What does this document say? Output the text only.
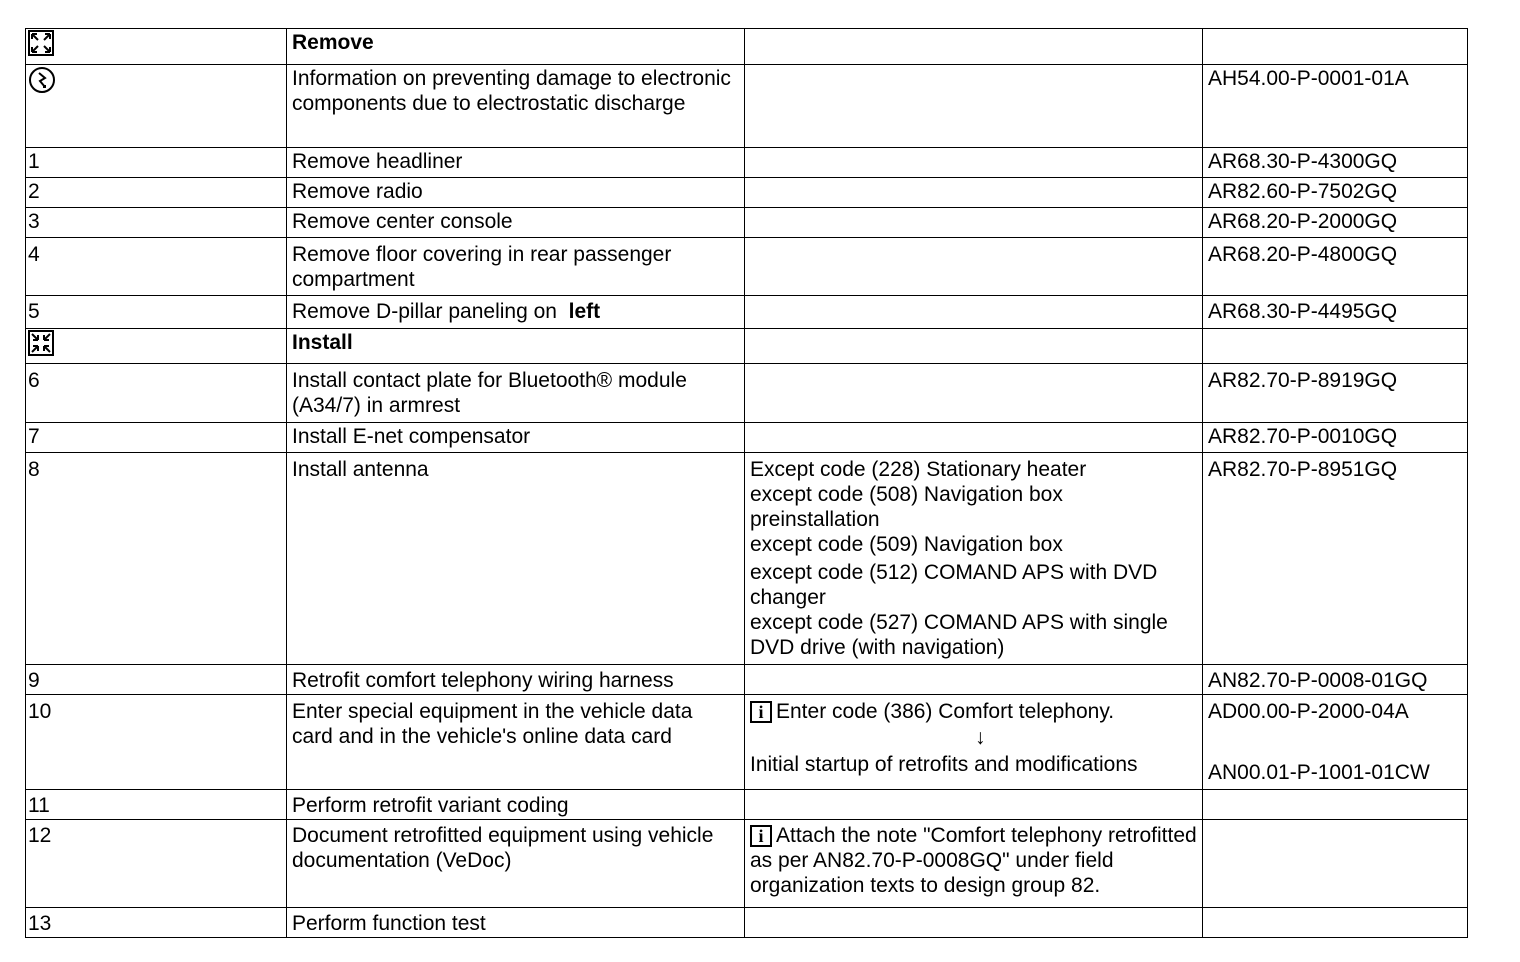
	Remove		
	Information on preventing damage to electronic components due to electrostatic discharge		AH54.00-P-0001-01A
1	Remove headliner		AR68.30-P-4300GQ
2	Remove radio		AR82.60-P-7502GQ
3	Remove center console		AR68.20-P-2000GQ
4	Remove floor covering in rear passenger compartment		AR68.20-P-4800GQ
5	Remove D-pillar paneling on left		AR68.30-P-4495GQ
	Install		
6	Install contact plate for Bluetooth® module (A34/7) in armrest		AR82.70-P-8919GQ
7	Install E-net compensator		AR82.70-P-0010GQ
8	Install antenna	Except code (228) Stationary heater
except code (508) Navigation box preinstallation
except code (509) Navigation box
except code (512) COMAND APS with DVD changer
except code (527) COMAND APS with single DVD drive (with navigation)	AR82.70-P-8951GQ
9	Retrofit comfort telephony wiring harness		AN82.70-P-0008-01GQ
10	Enter special equipment in the vehicle data card and in the vehicle's online data card	i Enter code (386) Comfort telephony.
↓
Initial startup of retrofits and modifications	AD00.00-P-2000-04A
AN00.01-P-1001-01CW

11	Perform retrofit variant coding		
12	Document retrofitted equipment using vehicle documentation (VeDoc)	i Attach the note "Comfort telephony retrofitted as per AN82.70-P-0008GQ" under field organization texts to design group 82.	
13	Perform function test		
